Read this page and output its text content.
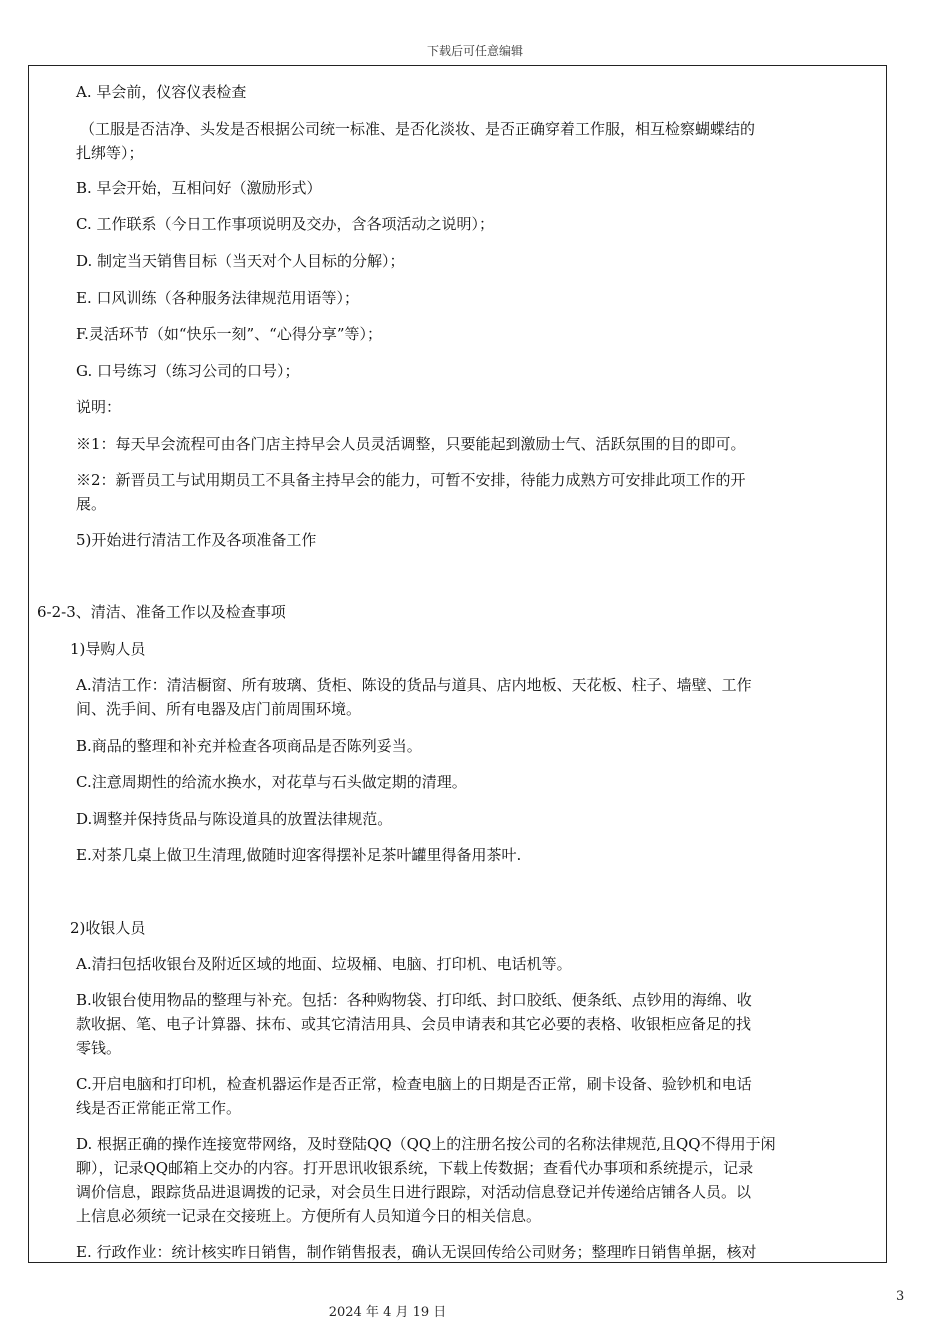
下载后可任意编辑
A. 早会前，仪容仪表检查
（工服是否洁净、头发是否根据公司统一标准、是否化淡妆、是否正确穿着工作服，相互检察蝴蝶结的
扎绑等）；
B. 早会开始，互相问好（激励形式）
C. 工作联系（今日工作事项说明及交办，含各项活动之说明）；
D. 制定当天销售目标（当天对个人目标的分解）；
E. 口风训练（各种服务法律规范用语等）；
F.灵活环节（如“快乐一刻”、“心得分享”等）；
G. 口号练习（练习公司的口号）；
说明：
※1：每天早会流程可由各门店主持早会人员灵活调整，只要能起到激励士气、活跃氛围的目的即可。
※2：新晋员工与试用期员工不具备主持早会的能力，可暂不安排，待能力成熟方可安排此项工作的开
展。
5)开始进行清洁工作及各项准备工作
6-2-3、清洁、准备工作以及检查事项
1)导购人员
A.清洁工作：清洁橱窗、所有玻璃、货柜、陈设的货品与道具、店内地板、天花板、柱子、墙壁、工作
间、洗手间、所有电器及店门前周围环境。
B.商品的整理和补充并检查各项商品是否陈列妥当。
C.注意周期性的给流水换水，对花草与石头做定期的清理。
D.调整并保持货品与陈设道具的放置法律规范。
E.对茶几桌上做卫生清理,做随时迎客得摆补足茶叶罐里得备用茶叶.
2)收银人员
A.清扫包括收银台及附近区域的地面、垃圾桶、电脑、打印机、电话机等。
B.收银台使用物品的整理与补充。包括：各种购物袋、打印纸、封口胶纸、便条纸、点钞用的海绵、收
款收据、笔、电子计算器、抹布、或其它清洁用具、会员申请表和其它必要的表格、收银柜应备足的找
零钱。
C.开启电脑和打印机，检查机器运作是否正常，检查电脑上的日期是否正常，刷卡设备、验钞机和电话
线是否正常能正常工作。
D. 根据正确的操作连接宽带网络，及时登陆QQ（QQ上的注册名按公司的名称法律规范,且QQ不得用于闲
聊），记录QQ邮箱上交办的内容。打开思讯收银系统，下载上传数据；查看代办事项和系统提示，记录
调价信息，跟踪货品进退调拨的记录，对会员生日进行跟踪，对活动信息登记并传递给店铺各人员。以
上信息必须统一记录在交接班上。方便所有人员知道今日的相关信息。
E. 行政作业：统计核实昨日销售，制作销售报表，确认无误回传给公司财务；整理昨日销售单据，核对
2024 年 4 月 19 日
3
